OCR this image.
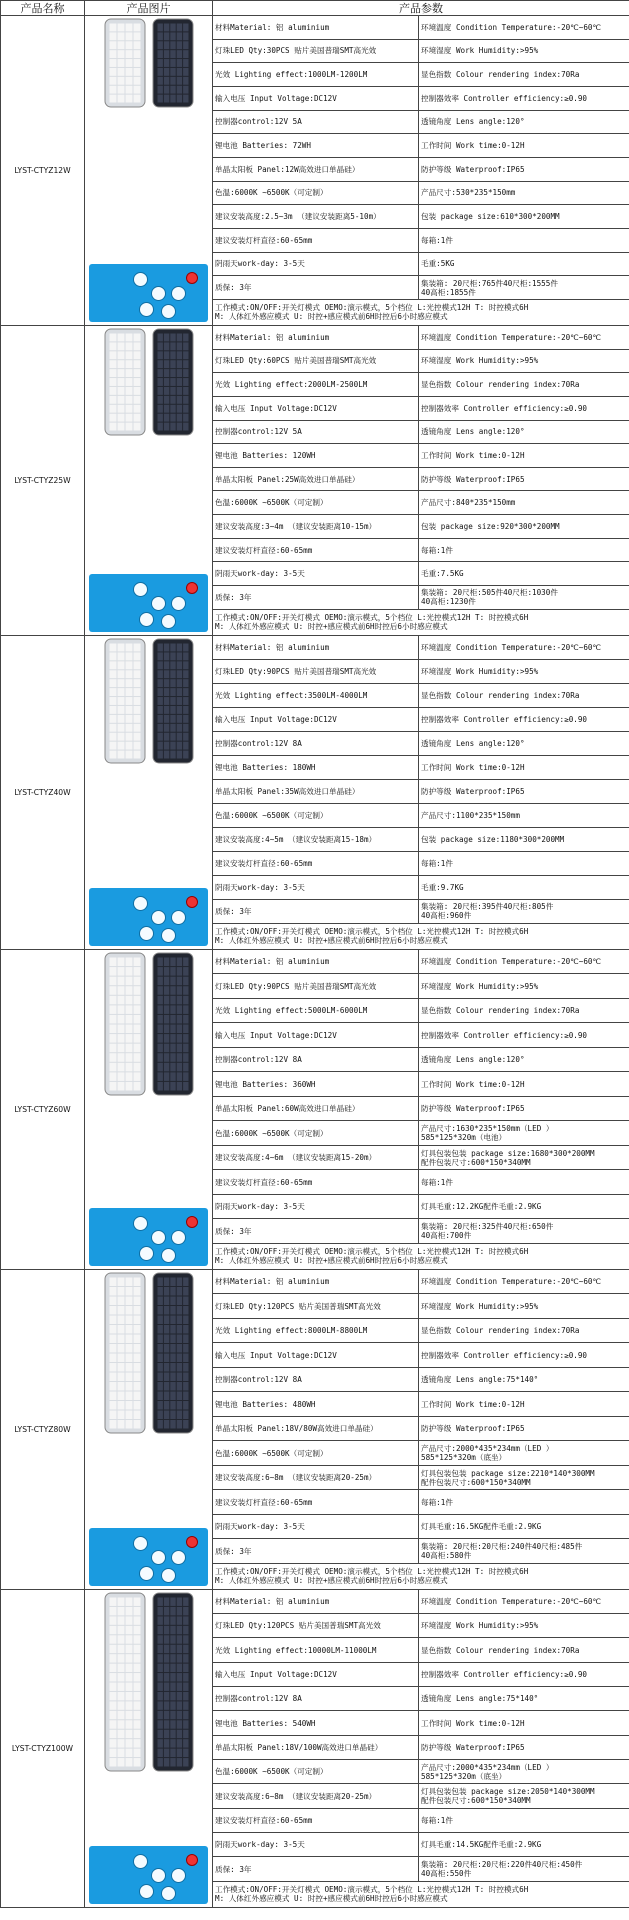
产品名称	产品图片	产品参数	
LYST-CTYZ12W		材料Material: 铝 aluminium	环境温度 Condition Temperature:-20℃~60℃
		灯珠LED Qty:30PCS 贴片美国普瑞SMT高光效	环境湿度 Work Humidity:>95%
		光效 Lighting effect:1000LM-1200LM	显色指数 Colour rendering index:70Ra
		输入电压 Input Voltage:DC12V	控制器效率 Controller efficiency:≥0.90
		控制器control:12V 5A	透镜角度 Lens angle:120°
		锂电池 Batteries: 72WH	工作时间 Work time:0-12H
		单晶太阳板 Panel:12W高效进口单晶硅）	防护等级 Waterproof:IP65
		色温:6000K ~6500K（可定制）	产品尺寸:530*235*150mm
		建议安装高度:2.5~3m （建议安装距离5-10m）	包装 package size:610*300*200MM
		建议安装灯杆直径:60-65mm	每箱:1件
		阴雨天work-day: 3-5天	毛重:5KG
		质保: 3年	集装箱: 20尺柜:765件40尺柜:1555件
40高柜:1855件
		工作模式:ON/OFF:开关灯模式 OEMO:演示模式，5个档位 L:光控模式12H T: 时控模式6H
M: 人体红外感应模式 U: 时控+感应模式前6H时控后6小时感应模式	
LYST-CTYZ25W		材料Material: 铝 aluminium	环境温度 Condition Temperature:-20℃~60℃
		灯珠LED Qty:60PCS 贴片美国普瑞SMT高光效	环境湿度 Work Humidity:>95%
		光效 Lighting effect:2000LM-2500LM	显色指数 Colour rendering index:70Ra
		输入电压 Input Voltage:DC12V	控制器效率 Controller efficiency:≥0.90
		控制器control:12V 5A	透镜角度 Lens angle:120°
		锂电池 Batteries: 120WH	工作时间 Work time:0-12H
		单晶太阳板 Panel:25W高效进口单晶硅）	防护等级 Waterproof:IP65
		色温:6000K ~6500K（可定制）	产品尺寸:840*235*150mm
		建议安装高度:3~4m （建议安装距离10-15m）	包装 package size:920*300*200MM
		建议安装灯杆直径:60-65mm	每箱:1件
		阴雨天work-day: 3-5天	毛重:7.5KG
		质保: 3年	集装箱: 20尺柜:505件40尺柜:1030件
40高柜:1230件
		工作模式:ON/OFF:开关灯模式 OEMO:演示模式，5个档位 L:光控模式12H T: 时控模式6H
M: 人体红外感应模式 U: 时控+感应模式前6H时控后6小时感应模式	
LYST-CTYZ40W		材料Material: 铝 aluminium	环境温度 Condition Temperature:-20℃~60℃
		灯珠LED Qty:90PCS 贴片美国普瑞SMT高光效	环境湿度 Work Humidity:>95%
		光效 Lighting effect:3500LM-4000LM	显色指数 Colour rendering index:70Ra
		输入电压 Input Voltage:DC12V	控制器效率 Controller efficiency:≥0.90
		控制器control:12V 8A	透镜角度 Lens angle:120°
		锂电池 Batteries: 180WH	工作时间 Work time:0-12H
		单晶太阳板 Panel:35W高效进口单晶硅）	防护等级 Waterproof:IP65
		色温:6000K ~6500K（可定制）	产品尺寸:1100*235*150mm
		建议安装高度:4~5m （建议安装距离15-18m）	包装 package size:1180*300*200MM
		建议安装灯杆直径:60-65mm	每箱:1件
		阴雨天work-day: 3-5天	毛重:9.7KG
		质保: 3年	集装箱: 20尺柜:395件40尺柜:805件
40高柜:960件
		工作模式:ON/OFF:开关灯模式 OEMO:演示模式，5个档位 L:光控模式12H T: 时控模式6H
M: 人体红外感应模式 U: 时控+感应模式前6H时控后6小时感应模式	
LYST-CTYZ60W		材料Material: 铝 aluminium	环境温度 Condition Temperature:-20℃~60℃
		灯珠LED Qty:90PCS 贴片美国普瑞SMT高光效	环境湿度 Work Humidity:>95%
		光效 Lighting effect:5000LM-6000LM	显色指数 Colour rendering index:70Ra
		输入电压 Input Voltage:DC12V	控制器效率 Controller efficiency:≥0.90
		控制器control:12V 8A	透镜角度 Lens angle:120°
		锂电池 Batteries: 360WH	工作时间 Work time:0-12H
		单晶太阳板 Panel:60W高效进口单晶硅）	防护等级 Waterproof:IP65
		色温:6000K ~6500K（可定制）	产品尺寸:1630*235*150mm（LED ）
585*125*320m（电池）
		建议安装高度:4~6m （建议安装距离15-20m）	灯具包装包装 package size:1680*300*200MM
配件包装尺寸:600*150*340MM
		建议安装灯杆直径:60-65mm	每箱:1件
		阴雨天work-day: 3-5天	灯具毛重:12.2KG配件毛重:2.9KG
		质保: 3年	集装箱: 20尺柜:325件40尺柜:650件
40高柜:700件
		工作模式:ON/OFF:开关灯模式 OEMO:演示模式，5个档位 L:光控模式12H T: 时控模式6H
M: 人体红外感应模式 U: 时控+感应模式前6H时控后6小时感应模式	
LYST-CTYZ80W		材料Material: 铝 aluminium	环境温度 Condition Temperature:-20℃~60℃
		灯珠LED Qty:120PCS 贴片美国普瑞SMT高光效	环境湿度 Work Humidity:>95%
		光效 Lighting effect:8000LM-8800LM	显色指数 Colour rendering index:70Ra
		输入电压 Input Voltage:DC12V	控制器效率 Controller efficiency:≥0.90
		控制器control:12V 8A	透镜角度 Lens angle:75*140°
		锂电池 Batteries: 480WH	工作时间 Work time:0-12H
		单晶太阳板 Panel:18V/80W高效进口单晶硅）	防护等级 Waterproof:IP65
		色温:6000K ~6500K（可定制）	产品尺寸:2000*435*234mm（LED ）
585*125*320m（底坐）
		建议安装高度:6~8m （建议安装距离20-25m）	灯具包装包装 package size:2210*140*300MM
配件包装尺寸:600*150*340MM
		建议安装灯杆直径:60-65mm	每箱:1件
		阴雨天work-day: 3-5天	灯具毛重:16.5KG配件毛重:2.9KG
		质保: 3年	集装箱: 20尺柜:20尺柜:240件40尺柜:485件
40高柜:580件
		工作模式:ON/OFF:开关灯模式 OEMO:演示模式，5个档位 L:光控模式12H T: 时控模式6H
M: 人体红外感应模式 U: 时控+感应模式前6H时控后6小时感应模式	
LYST-CTYZ100W		材料Material: 铝 aluminium	环境温度 Condition Temperature:-20℃~60℃
		灯珠LED Qty:120PCS 贴片美国普瑞SMT高光效	环境湿度 Work Humidity:>95%
		光效 Lighting effect:10000LM-11000LM	显色指数 Colour rendering index:70Ra
		输入电压 Input Voltage:DC12V	控制器效率 Controller efficiency:≥0.90
		控制器control:12V 8A	透镜角度 Lens angle:75*140°
		锂电池 Batteries: 540WH	工作时间 Work time:0-12H
		单晶太阳板 Panel:18V/100W高效进口单晶硅）	防护等级 Waterproof:IP65
		色温:6000K ~6500K（可定制）	产品尺寸:2000*435*234mm（LED ）
585*125*320m（底坐）
		建议安装高度:6~8m （建议安装距离20-25m）	灯具包装包装 package size:2050*140*300MM
配件包装尺寸:600*150*340MM
		建议安装灯杆直径:60-65mm	每箱:1件
		阴雨天work-day: 3-5天	灯具毛重:14.5KG配件毛重:2.9KG
		质保: 3年	集装箱: 20尺柜:20尺柜:220件40尺柜:450件
40高柜:550件
		工作模式:ON/OFF:开关灯模式 OEMO:演示模式，5个档位 L:光控模式12H T: 时控模式6H
M: 人体红外感应模式 U: 时控+感应模式前6H时控后6小时感应模式	
